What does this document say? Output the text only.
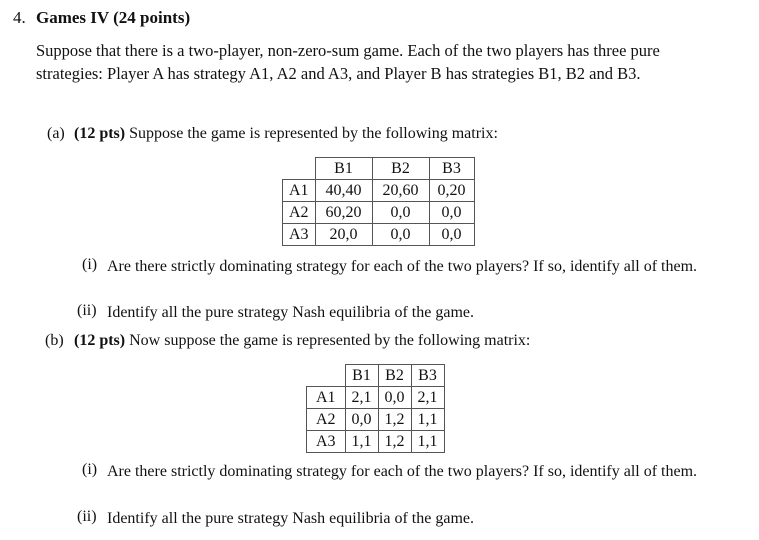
4. Games IV (24 points)
Suppose that there is a two-player, non-zero-sum game. Each of the two players has three pure strategies: Player A has strategy A1, A2 and A3, and Player B has strategies B1, B2 and B3.
(a) (12 pts) Suppose the game is represented by the following matrix:
	B1	B2	B3
A1	40,40	20,60	0,20
A2	60,20	0,0	0,0
A3	20,0	0,0	0,0
(i) Are there strictly dominating strategy for each of the two players? If so, identify all of them.
(ii) Identify all the pure strategy Nash equilibria of the game.
(b) (12 pts) Now suppose the game is represented by the following matrix:
	B1	B2	B3
A1	2,1	0,0	2,1
A2	0,0	1,2	1,1
A3	1,1	1,2	1,1
(i) Are there strictly dominating strategy for each of the two players? If so, identify all of them.
(ii) Identify all the pure strategy Nash equilibria of the game.
